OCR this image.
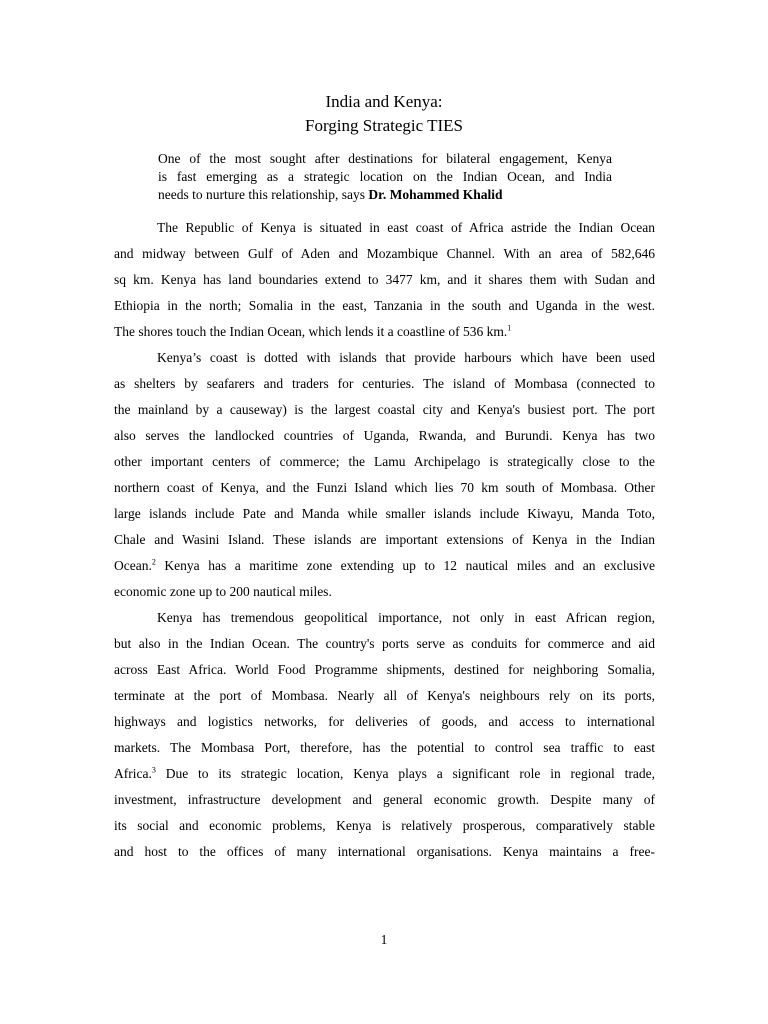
India and Kenya:
Forging Strategic TIES
One of the most sought after destinations for bilateral engagement, Kenya
is fast emerging as a strategic location on the Indian Ocean, and India
needs to nurture this relationship, says Dr. Mohammed Khalid
The Republic of Kenya is situated in east coast of Africa astride the Indian Ocean
and midway between Gulf of Aden and Mozambique Channel. With an area of 582,646
sq km. Kenya has land boundaries extend to 3477 km, and it shares them with Sudan and
Ethiopia in the north; Somalia in the east, Tanzania in the south and Uganda in the west.
The shores touch the Indian Ocean, which lends it a coastline of 536 km.$^1$
Kenya’s coast is dotted with islands that provide harbours which have been used
as shelters by seafarers and traders for centuries. The island of Mombasa (connected to
the mainland by a causeway) is the largest coastal city and Kenya's busiest port. The port
also serves the landlocked countries of Uganda, Rwanda, and Burundi. Kenya has two
other important centers of commerce; the Lamu Archipelago is strategically close to the
northern coast of Kenya, and the Funzi Island which lies 70 km south of Mombasa. Other
large islands include Pate and Manda while smaller islands include Kiwayu, Manda Toto,
Chale and Wasini Island. These islands are important extensions of Kenya in the Indian
Ocean.$^2$ Kenya has a maritime zone extending up to 12 nautical miles and an exclusive
economic zone up to 200 nautical miles.
Kenya has tremendous geopolitical importance, not only in east African region,
but also in the Indian Ocean. The country's ports serve as conduits for commerce and aid
across East Africa. World Food Programme shipments, destined for neighboring Somalia,
terminate at the port of Mombasa. Nearly all of Kenya's neighbours rely on its ports,
highways and logistics networks, for deliveries of goods, and access to international
markets. The Mombasa Port, therefore, has the potential to control sea traffic to east
Africa.$^3$ Due to its strategic location, Kenya plays a significant role in regional trade,
investment, infrastructure development and general economic growth. Despite many of
its social and economic problems, Kenya is relatively prosperous, comparatively stable
and host to the offices of many international organisations. Kenya maintains a free-
1
